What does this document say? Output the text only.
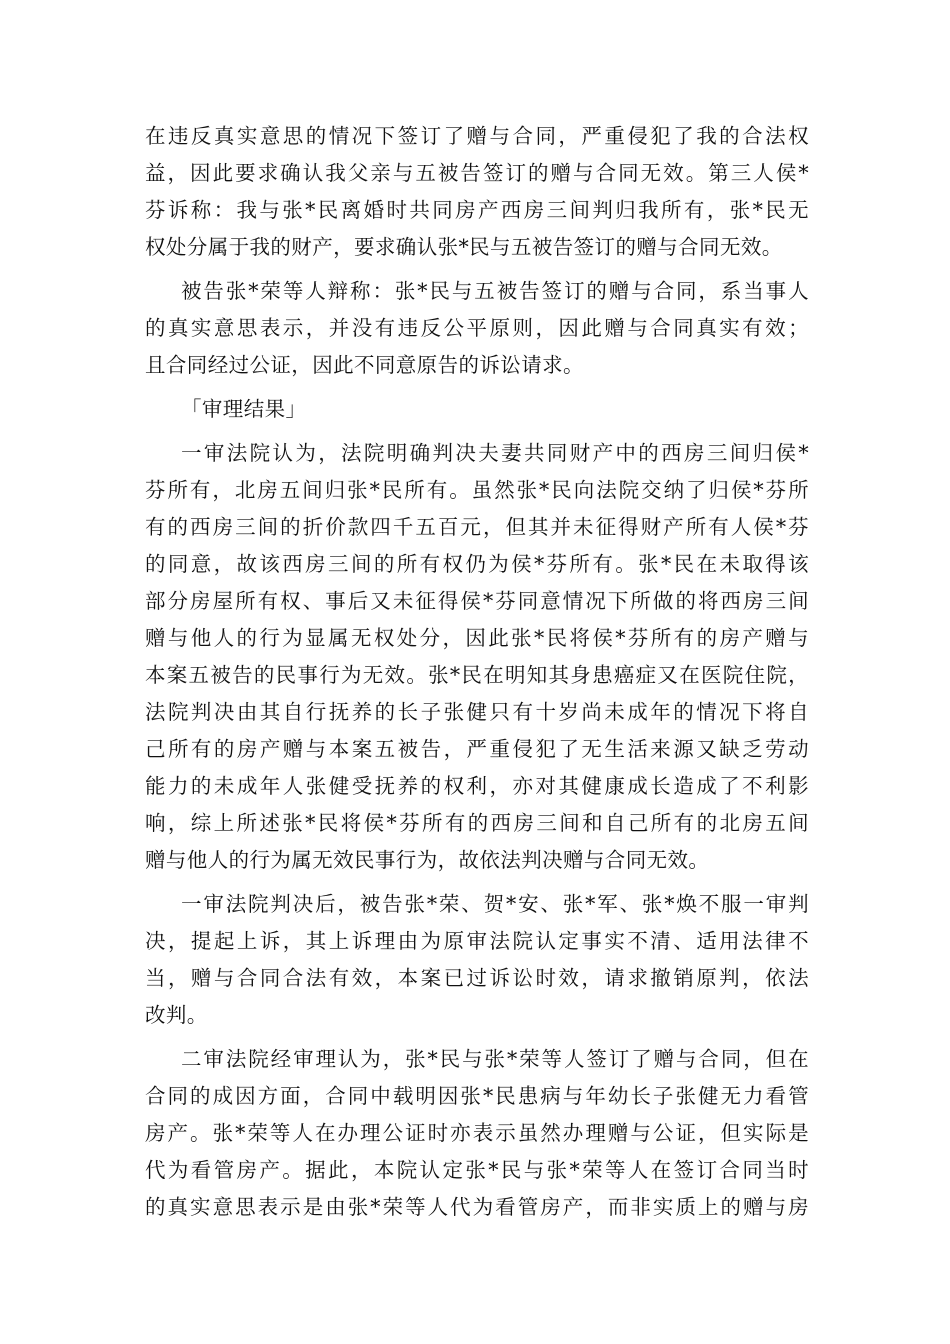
在违反真实意思的情况下签订了赠与合同，严重侵犯了我的合法权
益，因此要求确认我父亲与五被告签订的赠与合同无效。第三人侯*
芬诉称：我与张*民离婚时共同房产西房三间判归我所有，张*民无
权处分属于我的财产，要求确认张*民与五被告签订的赠与合同无效。
被告张*荣等人辩称：张*民与五被告签订的赠与合同，系当事人
的真实意思表示，并没有违反公平原则，因此赠与合同真实有效；
且合同经过公证，因此不同意原告的诉讼请求。
「审理结果」
一审法院认为，法院明确判决夫妻共同财产中的西房三间归侯*
芬所有，北房五间归张*民所有。虽然张*民向法院交纳了归侯*芬所
有的西房三间的折价款四千五百元，但其并未征得财产所有人侯*芬
的同意，故该西房三间的所有权仍为侯*芬所有。张*民在未取得该
部分房屋所有权、事后又未征得侯*芬同意情况下所做的将西房三间
赠与他人的行为显属无权处分，因此张*民将侯*芬所有的房产赠与
本案五被告的民事行为无效。张*民在明知其身患癌症又在医院住院，
法院判决由其自行抚养的长子张健只有十岁尚未成年的情况下将自
己所有的房产赠与本案五被告，严重侵犯了无生活来源又缺乏劳动
能力的未成年人张健受抚养的权利，亦对其健康成长造成了不利影
响，综上所述张*民将侯*芬所有的西房三间和自己所有的北房五间
赠与他人的行为属无效民事行为，故依法判决赠与合同无效。
一审法院判决后，被告张*荣、贺*安、张*军、张*焕不服一审判
决，提起上诉，其上诉理由为原审法院认定事实不清、适用法律不
当，赠与合同合法有效，本案已过诉讼时效，请求撤销原判，依法
改判。
二审法院经审理认为，张*民与张*荣等人签订了赠与合同，但在
合同的成因方面，合同中载明因张*民患病与年幼长子张健无力看管
房产。张*荣等人在办理公证时亦表示虽然办理赠与公证，但实际是
代为看管房产。据此，本院认定张*民与张*荣等人在签订合同当时
的真实意思表示是由张*荣等人代为看管房产，而非实质上的赠与房
